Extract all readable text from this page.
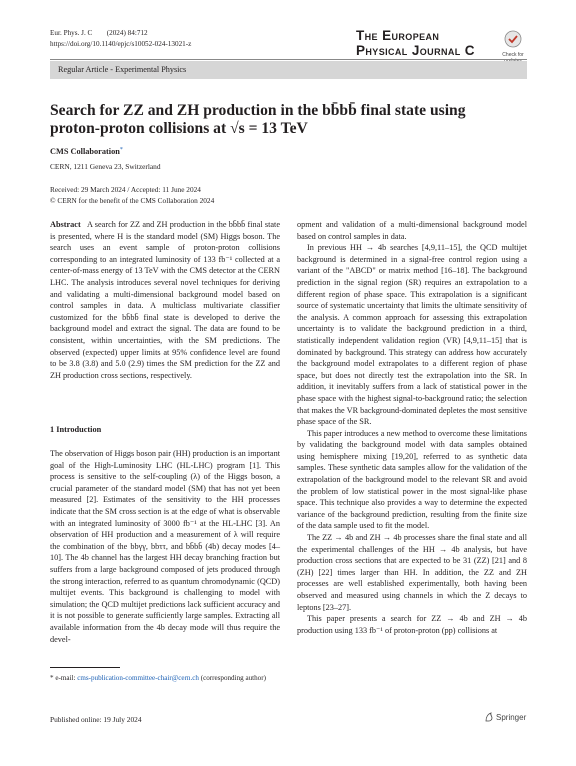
Eur. Phys. J. C        (2024) 84:712
https://doi.org/10.1140/epjc/s10052-024-13021-z
The European
Physical Journal C	Check for
Regular Article - Experimental Physics
Search for ZZ and ZH production in the bb̄bb̄ final state using
proton-proton collisions at √s = 13 TeV
CMS Collaboration*
CERN, 1211 Geneva 23, Switzerland
Received: 29 March 2024 / Accepted: 11 June 2024
© CERN for the benefit of the CMS Collaboration 2024

Abstract A search for ZZ and ZH production in the bb̄bb̄ final state is presented, where H is the standard model (SM) Higgs boson. The search uses an event sample of proton-proton collisions corresponding to an integrated luminosity of 133 fb⁻¹ collected at a center-of-mass energy of 13 TeV with the CMS detector at the CERN LHC. The analysis introduces several novel techniques for deriving and validating a multi-dimensional background model based on control samples in data. A multiclass multivariate classifier customized for the bb̄bb̄ final state is developed to derive the background model and extract the signal. The data are found to be consistent, within uncertainties, with the SM predictions. The observed (expected) upper limits at 95% confidence level are found to be 3.8 (3.8) and 5.0 (2.9) times the SM prediction for the ZZ and ZH production cross sections, respectively.

1 Introduction

The observation of Higgs boson pair (HH) production is an important goal of the High-Luminosity LHC (HL-LHC) program [1]. This process is sensitive to the self-coupling (λ) of the Higgs boson, a crucial parameter of the standard model (SM) that has not yet been measured [2]. Estimates of the sensitivity to the HH processes indicate that the SM cross section is at the edge of what is observable with an integrated luminosity of 3000 fb⁻¹ at the HL-LHC [3]. An observation of HH production and a measurement of λ will require the combination of the bbγγ, bbττ, and bb̄bb̄ (4b) decay modes [4–10]. The 4b channel has the largest HH decay branching fraction but suffers from a large background composed of jets produced through the strong interaction, referred to as quantum chromodynamic (QCD) multijet events. This background is challenging to model with simulation; the QCD multijet predictions lack sufficient accuracy and it is not possible to generate sufficiently large samples. Extracting all available information from the 4b decay mode will thus require the devel-

opment and validation of a multi-dimensional background model based on control samples in data.

In previous HH → 4b searches [4,9,11–15], the QCD multijet background is determined in a signal-free control region using a variant of the "ABCD" or matrix method [16–18]. The background prediction in the signal region (SR) requires an extrapolation to a different region of phase space. This extrapolation is a significant source of systematic uncertainty that limits the ultimate sensitivity of the analysis. A common approach for assessing this extrapolation uncertainty is to validate the background prediction in a third, statistically independent validation region (VR) [4,9,11–15] that is dominated by background. This strategy can address how accurately the background model extrapolates to a different region of phase space, but does not directly test the extrapolation into the SR. In addition, it inevitably suffers from a lack of statistical power in the phase space with the highest signal-to-background ratio; the selection that makes the VR background-dominated depletes the most sensitive phase space of the SR.

This paper introduces a new method to overcome these limitations by validating the background model with data samples obtained using hemisphere mixing [19,20], referred to as synthetic data samples. These synthetic data samples allow for the validation of the extrapolation of the background model to the relevant SR and avoid the problem of low statistical power in the most signal-like phase space. This technique also provides a way to determine the expected variance of the background prediction, resulting from the finite size of the data sample used to fit the model.

The ZZ → 4b and ZH → 4b processes share the final state and all the experimental challenges of the HH → 4b analysis, but have production cross sections that are expected to be 31 (ZZ) [21] and 8 (ZH) [22] times larger than HH. In addition, the ZZ and ZH processes are well established experimentally, both having been observed and measured using channels in which the Z decays to leptons [23–27].

This paper presents a search for ZZ → 4b and ZH → 4b production using 133 fb⁻¹ of proton-proton (pp) collisions at

* e-mail: cms-publication-committee-chair@cern.ch (corresponding author)
Published online: 19 July 2024	Springer
